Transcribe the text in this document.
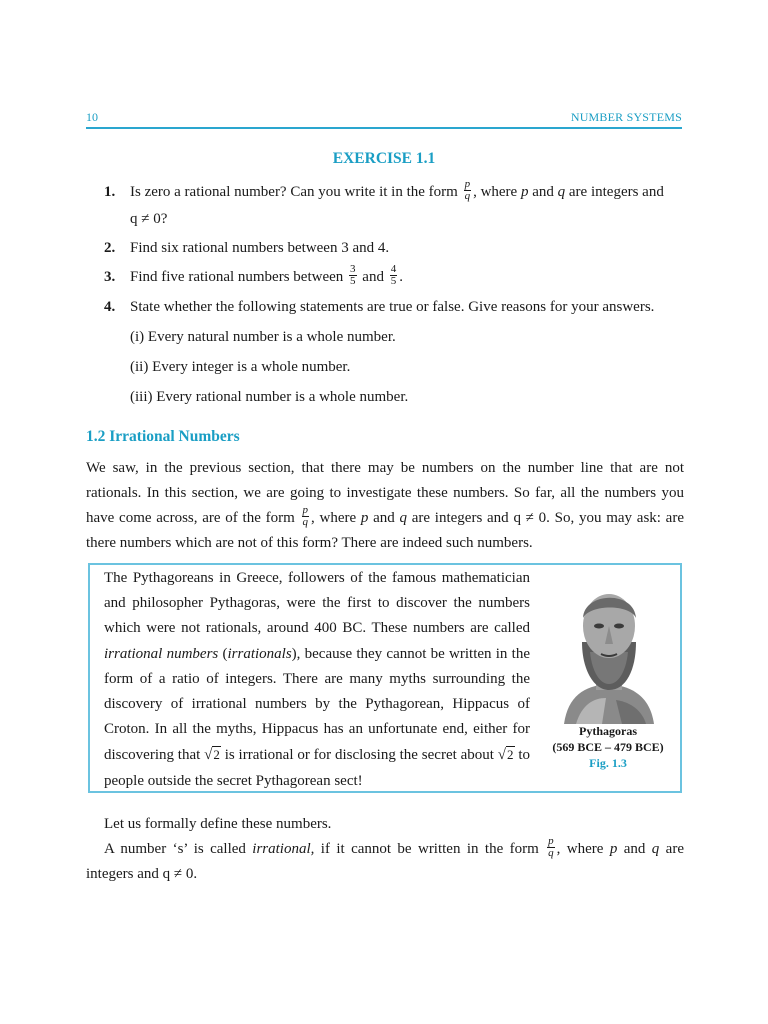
10	NUMBER SYSTEMS
EXERCISE 1.1
1. Is zero a rational number? Can you write it in the form $\frac{p}{q}$ , where p and q are integers and
q ≠ 0?
2. Find six rational numbers between 3 and 4.
3. Find five rational numbers between $\frac{3}{5}$ and $\frac{4}{5}$ .
4. State whether the following statements are true or false. Give reasons for your answers.
(i) Every natural number is a whole number.
(ii) Every integer is a whole number.
(iii) Every rational number is a whole number.
1.2 Irrational Numbers
We saw, in the previous section, that there may be numbers on the number line that are not rationals. In this section, we are going to investigate these numbers. So far, all the numbers you have come across, are of the form $\frac{p}{q}$ , where p and q are integers and q ≠ 0. So, you may ask: are there numbers which are not of this form? There are indeed such numbers.
The Pythagoreans in Greece, followers of the famous mathematician and philosopher Pythagoras, were the first to discover the numbers which were not rationals, around 400 BC. These numbers are called irrational numbers (irrationals), because they cannot be written in the form of a ratio of integers. There are many myths surrounding the discovery of irrational numbers by the Pythagorean, Hippacus of Croton. In all the myths, Hippacus has an unfortunate end, either for discovering that √2 is irrational or for disclosing the secret about √2 to people outside the secret Pythagorean sect!
Pythagoras
(569 BCE – 479 BCE)
Fig. 1.3
Let us formally define these numbers.
A number ‘s’ is called irrational, if it cannot be written in the form $\frac{p}{q}$ , where p and q are integers and q ≠ 0.
